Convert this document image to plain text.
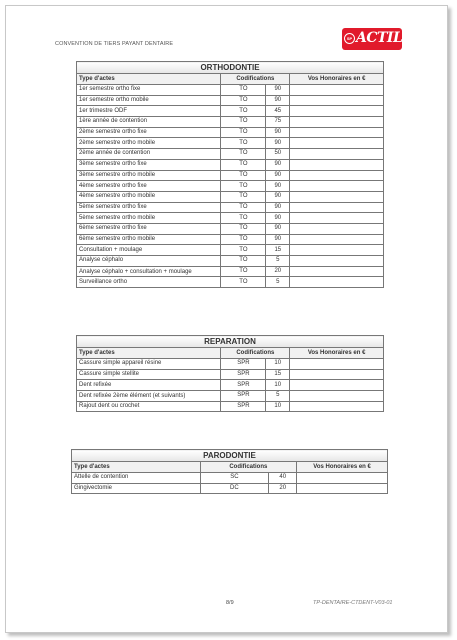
CONVENTION DE TIERS PAYANT DENTAIRE
SP ACTIL
ORTHODONTIE			
Type d'actes	Codifications		Vos Honoraires en €
1er semestre ortho fixe	TO	90	
1er semestre ortho mobile	TO	90	
1er trimestre ODF	TO	45	
1ère année de contention	TO	75	
2ème semestre ortho fixe	TO	90	
2ème semestre ortho mobile	TO	90	
2ème année de contention	TO	50	
3ème semestre ortho fixe	TO	90	
3ème semestre ortho mobile	TO	90	
4ème semestre ortho fixe	TO	90	
4ème semestre ortho mobile	TO	90	
5ème semestre ortho fixe	TO	90	
5ème semestre ortho mobile	TO	90	
6ème semestre ortho fixe	TO	90	
6ème semestre ortho mobile	TO	90	
Consultation + moulage	TO	15	
Analyse céphalo	TO	5	
Analyse céphalo + consultation + moulage	TO	20	
Surveillance ortho	TO	5	
REPARATION			
Type d'actes	Codifications		Vos Honoraires en €
Cassure simple appareil résine	SPR	10	
Cassure simple stellite	SPR	15	
Dent refixée	SPR	10	
Dent refixée 2ème élément (et suivants)	SPR	5	
Rajout dent ou crochet	SPR	10	
PARODONTIE			
Type d'actes	Codifications		Vos Honoraires en €
Attelle de contention	SC	40	
Gingivectomie	DC	20	
8/9	TP-DENTAIRE-CTDENT-V03-01
